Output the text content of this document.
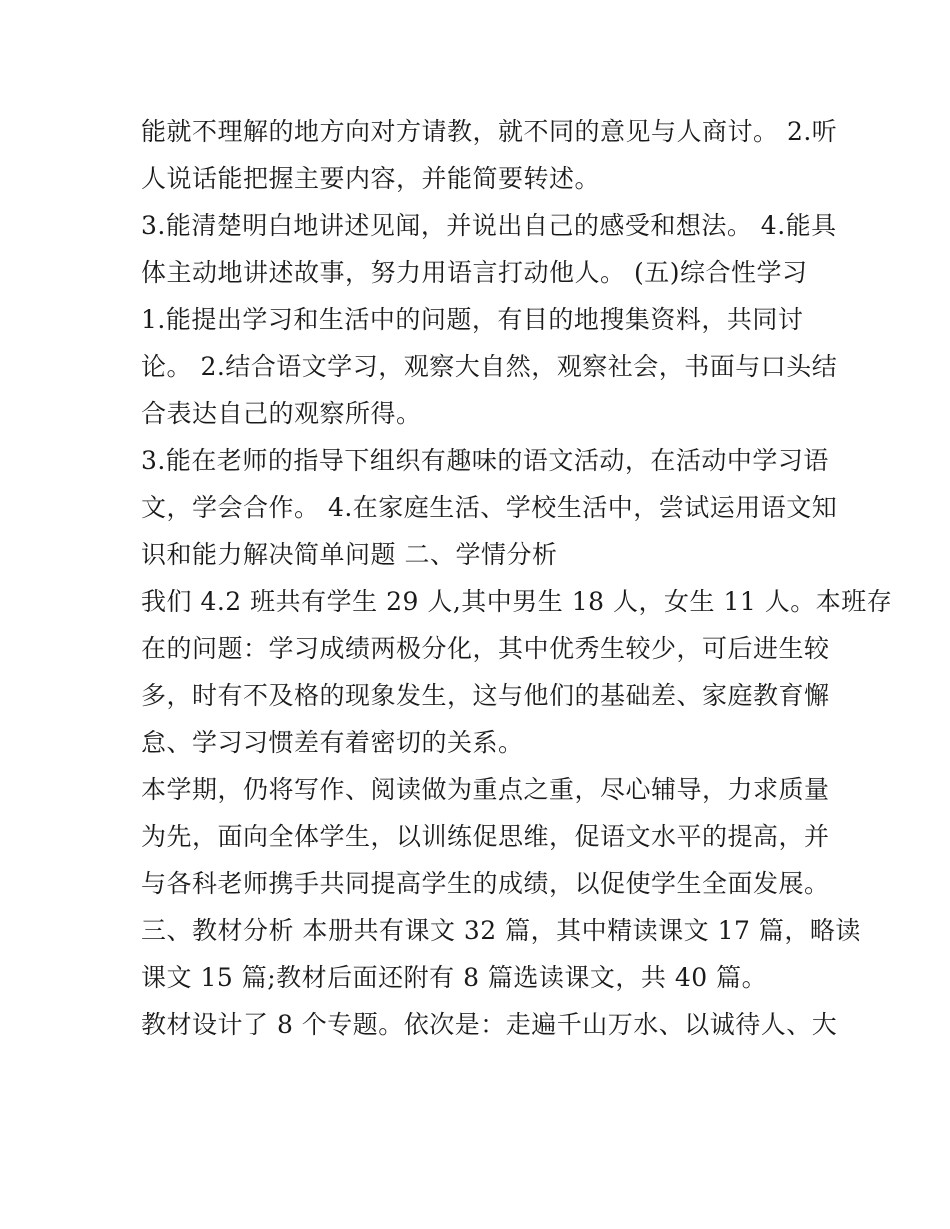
能就不理解的地方向对方请教，就不同的意见与人商讨。 2.听
人说话能把握主要内容，并能简要转述。
3.能清楚明白地讲述见闻，并说出自己的感受和想法。 4.能具
体主动地讲述故事，努力用语言打动他人。 (五)综合性学习
1.能提出学习和生活中的问题，有目的地搜集资料，共同讨
论。 2.结合语文学习，观察大自然，观察社会，书面与口头结
合表达自己的观察所得。
3.能在老师的指导下组织有趣味的语文活动，在活动中学习语
文，学会合作。 4.在家庭生活、学校生活中，尝试运用语文知
识和能力解决简单问题 二、学情分析
我们 4.2 班共有学生 29 人,其中男生 18 人，女生 11 人。本班存
在的问题：学习成绩两极分化，其中优秀生较少，可后进生较
多，时有不及格的现象发生，这与他们的基础差、家庭教育懈
怠、学习习惯差有着密切的关系。
本学期，仍将写作、阅读做为重点之重，尽心辅导，力求质量
为先，面向全体学生，以训练促思维，促语文水平的提高，并
与各科老师携手共同提高学生的成绩，以促使学生全面发展。
三、教材分析 本册共有课文 32 篇，其中精读课文 17 篇，略读
课文 15 篇;教材后面还附有 8 篇选读课文，共 40 篇。
教材设计了 8 个专题。依次是：走遍千山万水、以诚待人、大
